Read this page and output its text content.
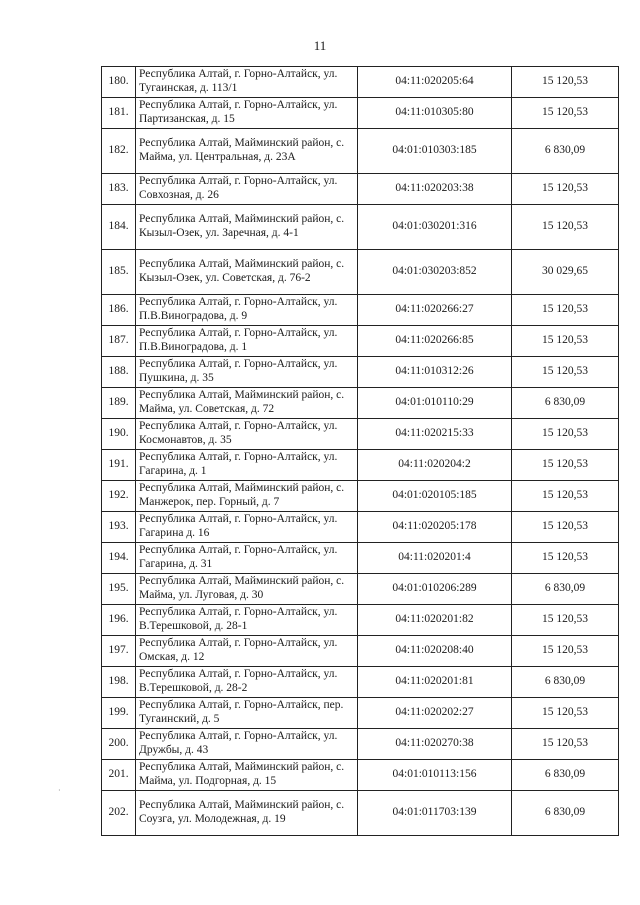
11
180.	Республика Алтай, г. Горно-Алтайск, ул. Тугаинская, д. 113/1	04:11:020205:64	15 120,53
181.	Республика Алтай, г. Горно-Алтайск, ул. Партизанская, д. 15	04:11:010305:80	15 120,53
182.	Республика Алтай, Майминский район, с. Майма, ул. Центральная, д. 23А	04:01:010303:185	6 830,09
183.	Республика Алтай, г. Горно-Алтайск, ул. Совхозная, д. 26	04:11:020203:38	15 120,53
184.	Республика Алтай, Майминский район, с. Кызыл-Озек, ул. Заречная, д. 4-1	04:01:030201:316	15 120,53
185.	Республика Алтай, Майминский район, с. Кызыл-Озек, ул. Советская, д. 76-2	04:01:030203:852	30 029,65
186.	Республика Алтай, г. Горно-Алтайск, ул. П.В.Виноградова, д. 9	04:11:020266:27	15 120,53
187.	Республика Алтай, г. Горно-Алтайск, ул. П.В.Виноградова, д. 1	04:11:020266:85	15 120,53
188.	Республика Алтай, г. Горно-Алтайск, ул. Пушкина, д. 35	04:11:010312:26	15 120,53
189.	Республика Алтай, Майминский район, с. Майма, ул. Советская, д. 72	04:01:010110:29	6 830,09
190.	Республика Алтай, г. Горно-Алтайск, ул. Космонавтов, д. 35	04:11:020215:33	15 120,53
191.	Республика Алтай, г. Горно-Алтайск, ул. Гагарина, д. 1	04:11:020204:2	15 120,53
192.	Республика Алтай, Майминский район, с. Манжерок, пер. Горный, д. 7	04:01:020105:185	15 120,53
193.	Республика Алтай, г. Горно-Алтайск, ул. Гагарина д. 16	04:11:020205:178	15 120,53
194.	Республика Алтай, г. Горно-Алтайск, ул. Гагарина, д. 31	04:11:020201:4	15 120,53
195.	Республика Алтай, Майминский район, с. Майма, ул. Луговая, д. 30	04:01:010206:289	6 830,09
196.	Республика Алтай, г. Горно-Алтайск, ул. В.Терешковой, д. 28-1	04:11:020201:82	15 120,53
197.	Республика Алтай, г. Горно-Алтайск, ул. Омская, д. 12	04:11:020208:40	15 120,53
198.	Республика Алтай, г. Горно-Алтайск, ул. В.Терешковой, д. 28-2	04:11:020201:81	6 830,09
199.	Республика Алтай, г. Горно-Алтайск, пер. Тугаинский, д. 5	04:11:020202:27	15 120,53
200.	Республика Алтай, г. Горно-Алтайск, ул. Дружбы, д. 43	04:11:020270:38	15 120,53
201.	Республика Алтай, Майминский район, с. Майма, ул. Подгорная, д. 15	04:01:010113:156	6 830,09
202.	Республика Алтай, Майминский район, с. Соузга, ул. Молодежная, д. 19	04:01:011703:139	6 830,09
·
